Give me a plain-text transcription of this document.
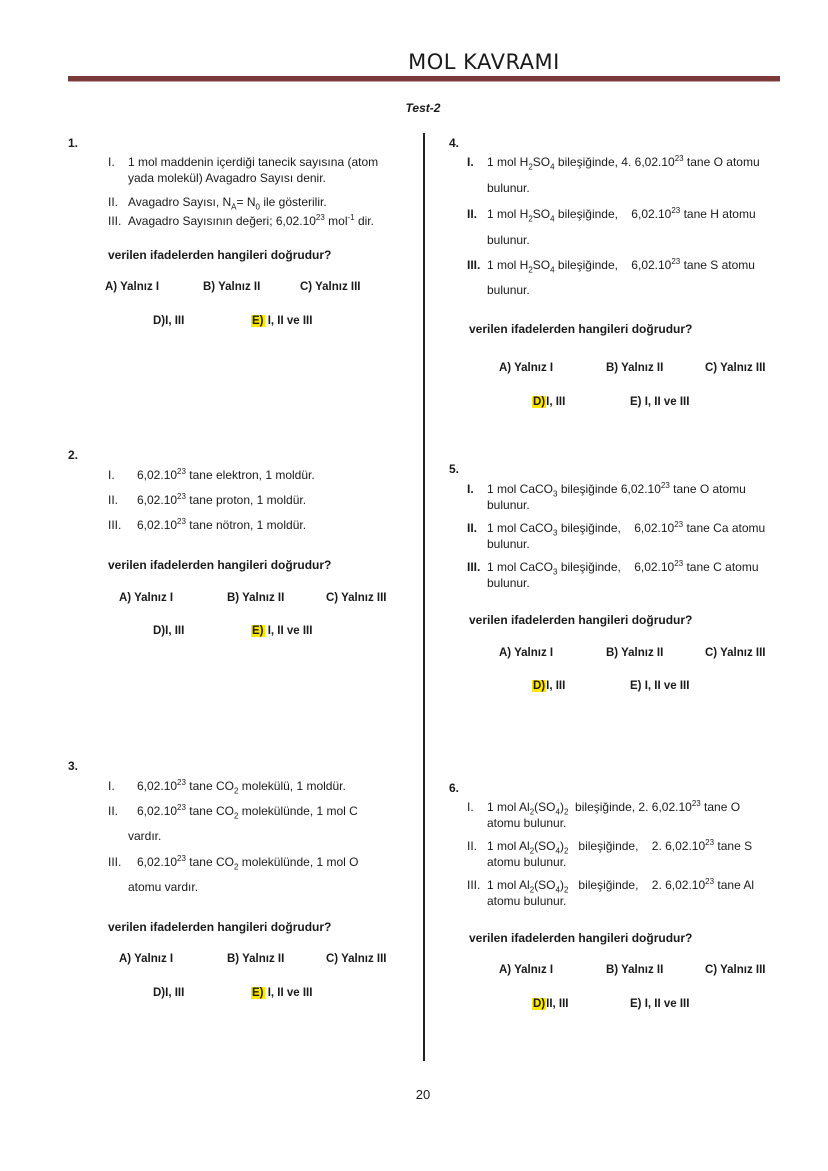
MOL KAVRAMI
Test-2
1.
I. 1 mol maddenin içerdiği tanecik sayısına (atom
yada molekül) Avagadro Sayısı denir.
II. Avagadro Sayısı, $N_A= N_0$ ile gösterilir.
III. Avagadro Sayısının değeri; 6,02.10$^{23}$ mol$^{-1}$ dir.
verilen ifadelerden hangileri doğrudur?
A) Yalnız I	B) Yalnız II	C) Yalnız III
D)I, III	E) I, II ve III
2.
I. 6,02.10$^{23}$ tane elektron, 1 moldür.
II. 6,02.10$^{23}$ tane proton, 1 moldür.
III. 6,02.10$^{23}$ tane nötron, 1 moldür.
verilen ifadelerden hangileri doğrudur?
A) Yalnız I	B) Yalnız II	C) Yalnız III
D)I, III	E) I, II ve III
3.
I. 6,02.10$^{23}$ tane $CO_2$ molekülü, 1 moldür.
II. 6,02.10$^{23}$ tane $CO_2$ molekülünde, 1 mol C
vardır.
III. 6,02.10$^{23}$ tane $CO_2$ molekülünde, 1 mol O
atomu vardır.
verilen ifadelerden hangileri doğrudur?
A) Yalnız I	B) Yalnız II	C) Yalnız III
D)I, III	E) I, II ve III
4.
I. 1 mol $H_2SO_4$ bileşiğinde, 4. 6,02.10$^{23}$ tane O atomu
bulunur.
II. 1 mol $H_2SO_4$ bileşiğinde,    6,02.10$^{23}$ tane H atomu
bulunur.
III. 1 mol $H_2SO_4$ bileşiğinde,    6,02.10$^{23}$ tane S atomu
bulunur.
verilen ifadelerden hangileri doğrudur?
A) Yalnız I	B) Yalnız II	C) Yalnız III
D)I, III	E) I, II ve III
5.
I. 1 mol CaCO$_3$ bileşiğinde 6,02.10$^{23}$ tane O atomu
bulunur.
II. 1 mol CaCO$_3$ bileşiğinde,    6,02.10$^{23}$ tane Ca atomu
bulunur.
III. 1 mol CaCO$_3$ bileşiğinde,    6,02.10$^{23}$ tane C atomu
bulunur.
verilen ifadelerden hangileri doğrudur?
A) Yalnız I	B) Yalnız II	C) Yalnız III
D)I, III	E) I, II ve III
6.
I. 1 mol $Al_2(SO_4)_2$  bileşiğinde, 2. 6,02.10$^{23}$ tane O
atomu bulunur.
II. 1 mol $Al_2(SO_4)_2$   bileşiğinde,    2. 6,02.10$^{23}$ tane S
atomu bulunur.
III. 1 mol $Al_2(SO_4)_2$   bileşiğinde,    2. 6,02.10$^{23}$ tane Al
atomu bulunur.
verilen ifadelerden hangileri doğrudur?
A) Yalnız I	B) Yalnız II	C) Yalnız III
D)II, III	E) I, II ve III
20
